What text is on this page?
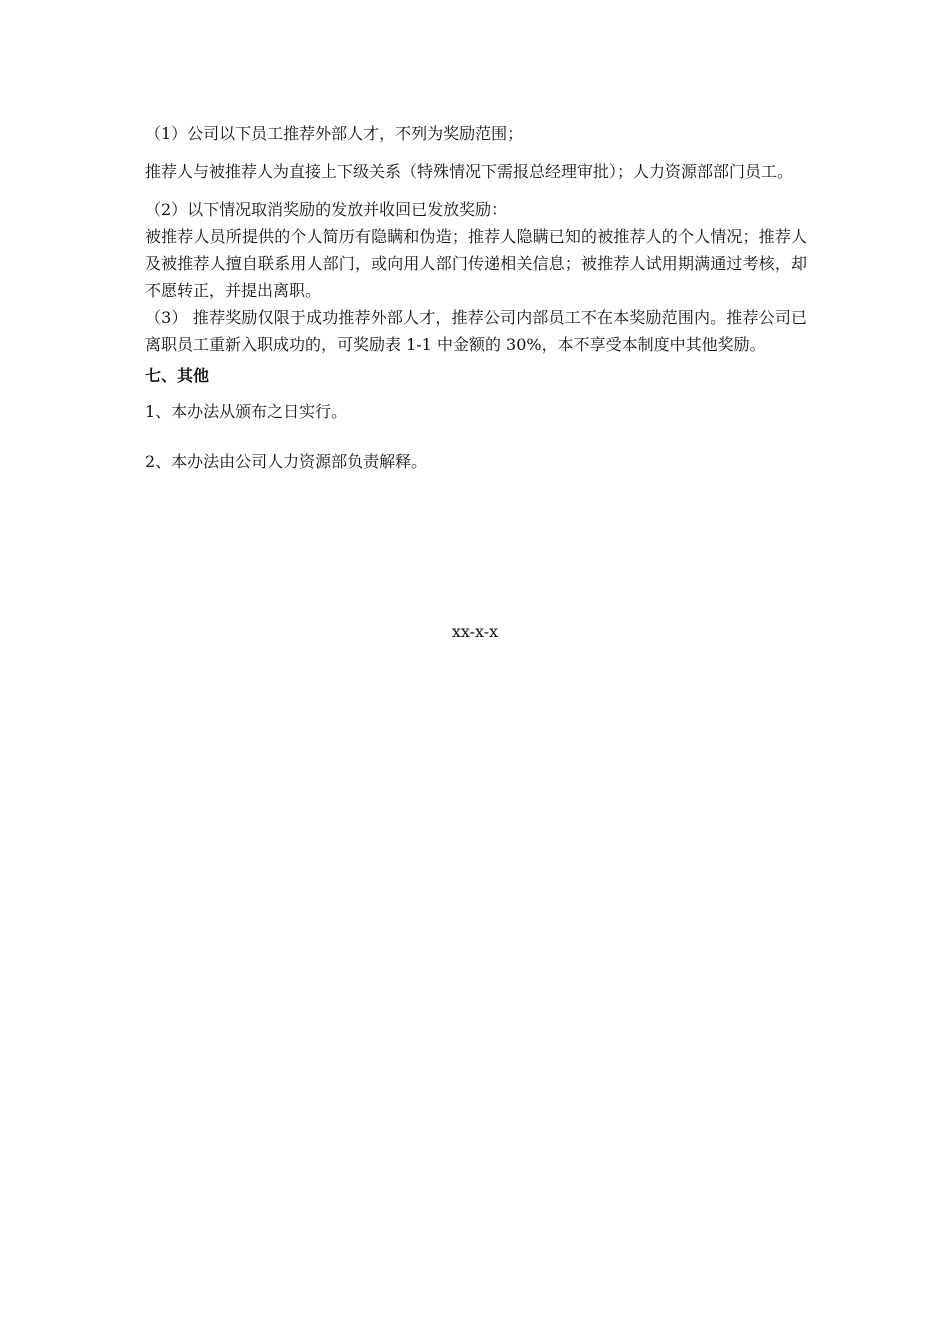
（1）公司以下员工推荐外部人才，不列为奖励范围；

推荐人与被推荐人为直接上下级关系（特殊情况下需报总经理审批）；人力资源部部门员工。

（2）以下情况取消奖励的发放并收回已发放奖励：

被推荐人员所提供的个人简历有隐瞒和伪造；推荐人隐瞒已知的被推荐人的个人情况；推荐人及被推荐人擅自联系用人部门，或向用人部门传递相关信息；被推荐人试用期满通过考核，却不愿转正，并提出离职。

（3） 推荐奖励仅限于成功推荐外部人才，推荐公司内部员工不在本奖励范围内。推荐公司已离职员工重新入职成功的，可奖励表 1-1 中金额的 30%，本不享受本制度中其他奖励。

七、其他

1、本办法从颁布之日实行。

2、本办法由公司人力资源部负责解释。

xx-x-x
